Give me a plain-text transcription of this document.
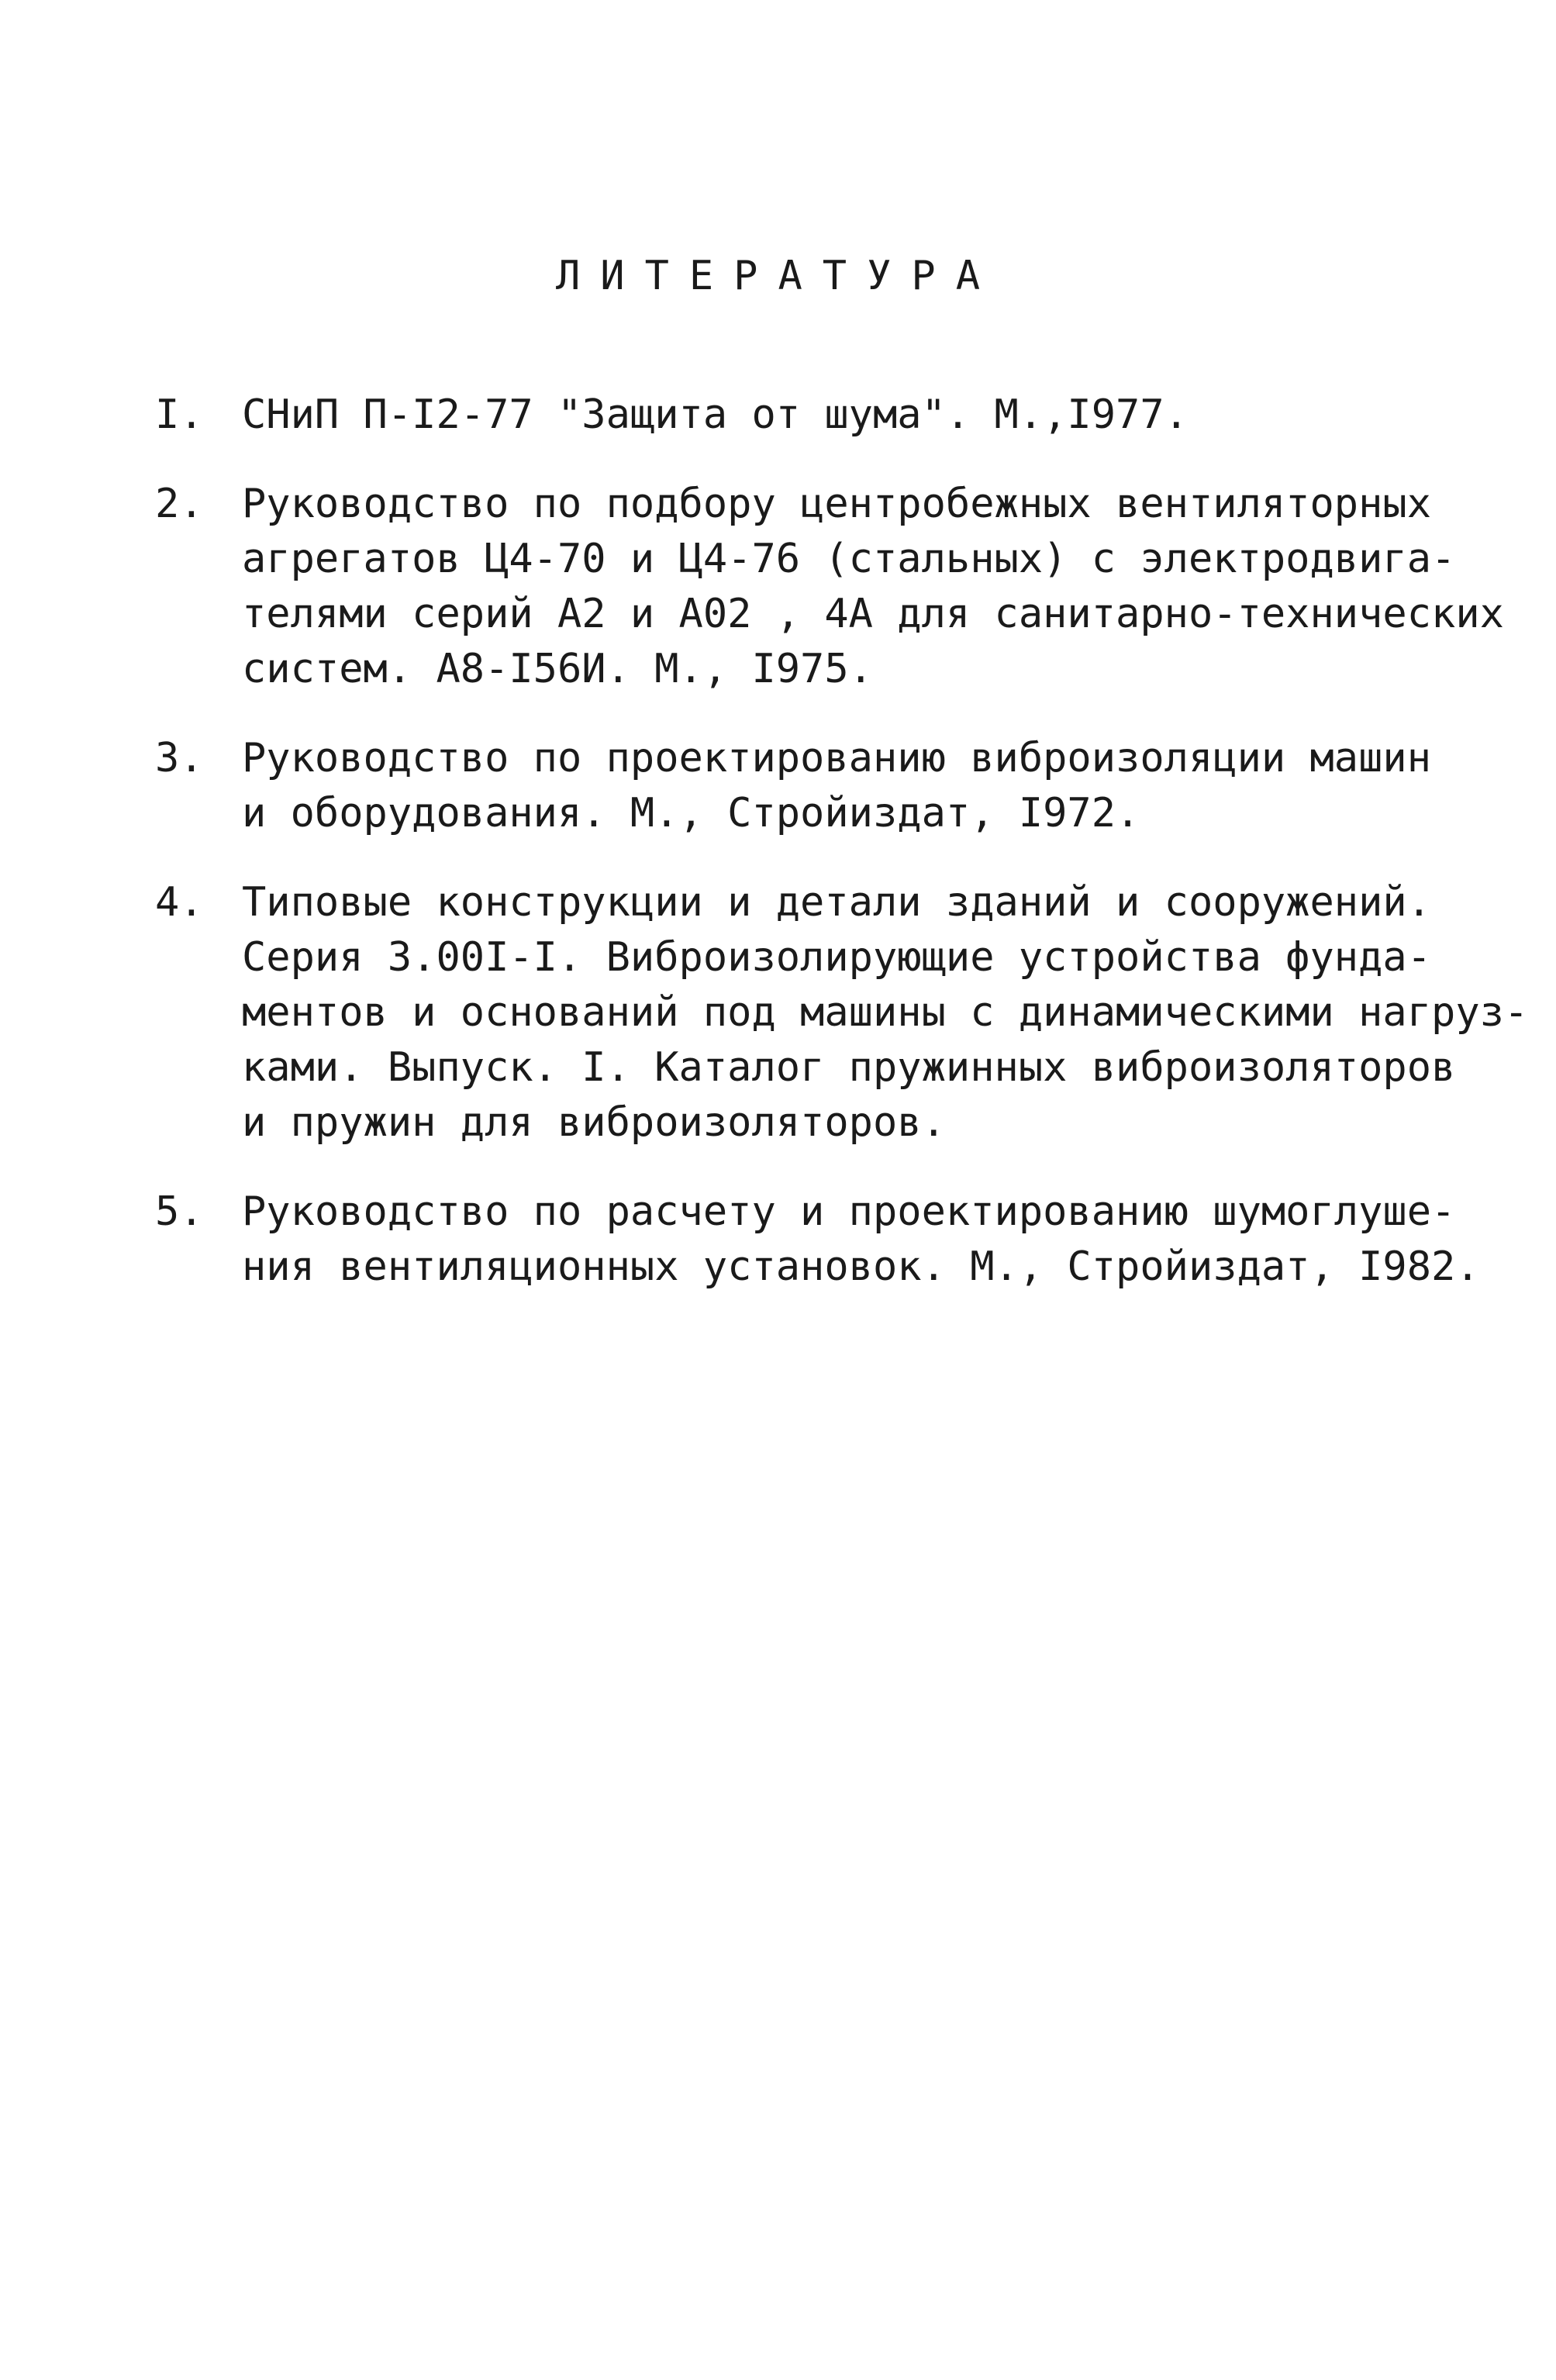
ЛИТЕРАТУРА
I. СНиП П-I2-77 "Защита от шума". М.,I977.
2. Руководство по подбору центробежных вентиляторных
агрегатов Ц4-70 и Ц4-76 (стальных) с электродвига-
телями серий А2 и А02 , 4А для санитарно-технических
систем. А8-I56И. М., I975.
3. Руководство по проектированию виброизоляции машин
и оборудования. М., Стройиздат, I972.
4. Типовые конструкции и детали зданий и сооружений.
Серия 3.00I-I. Виброизолирующие устройства фунда-
ментов и оснований под машины с динамическими нагруз-
ками. Выпуск. I. Каталог пружинных виброизоляторов
и пружин для виброизоляторов.
5. Руководство по расчету и проектированию шумоглуше-
ния вентиляционных установок. М., Стройиздат, I982.
